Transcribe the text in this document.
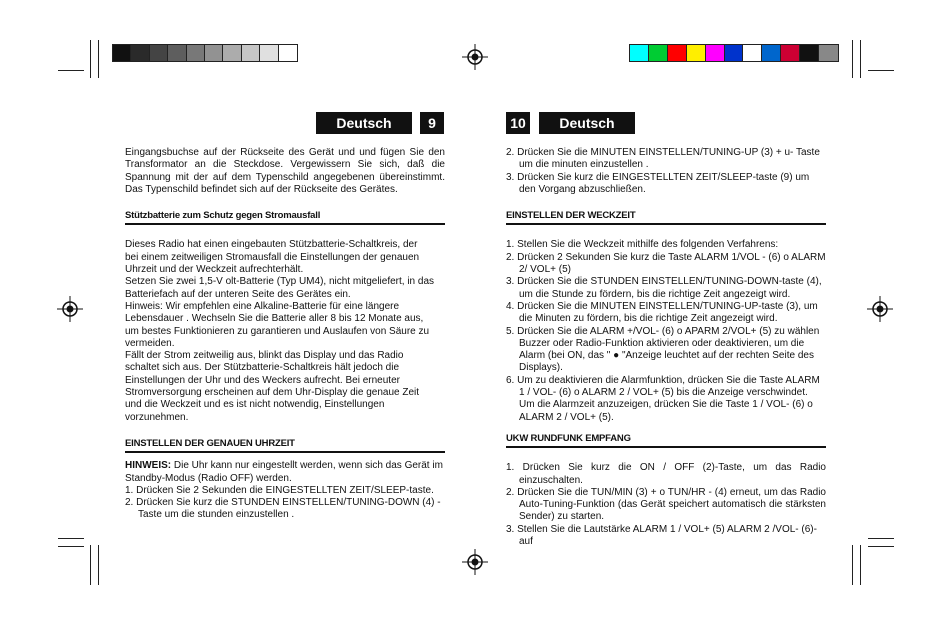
Deutsch	9	10	Deutsch

Eingangsbuchse auf der Rückseite des Gerät und und fügen Sie den Transformator an die Steckdose. Vergewissern Sie sich, daß die Spannung mit der auf dem Typenschild angegebenen übereinstimmt. Das Typenschild befindet sich auf der Rückseite des Gerätes.

Stützbatterie zum Schutz gegen Stromausfall
Dieses Radio hat einen eingebauten Stützbatterie-Schaltkreis, der
bei einem zeitweiligen Stromausfall die Einstellungen der genauen
Uhrzeit und der Weckzeit aufrechterhält.
Setzen Sie zwei 1,5-V olt-Batterie (Typ UM4), nicht mitgeliefert, in das
Batteriefach auf der unteren Seite des Gerätes ein.
Hinweis: Wir empfehlen eine Alkaline-Batterie für eine längere
Lebensdauer . Wechseln Sie die Batterie aller 8 bis 12 Monate aus,
um bestes Funktionieren zu garantieren und Auslaufen von Säure zu
vermeiden.
Fällt der Strom zeitweilig aus, blinkt das Display und das Radio
schaltet sich aus. Der Stützbatterie-Schaltkreis hält jedoch die
Einstellungen der Uhr und des Weckers aufrecht. Bei erneuter
Stromversorgung erscheinen auf dem Uhr-Display die genaue Zeit
und die Weckzeit und es ist nicht notwendig, Einstellungen
vorzunehmen.
EINSTELLEN DER GENAUEN UHRZEIT

HINWEIS: Die Uhr kann nur eingestellt werden, wenn sich das Gerät im Standby-Modus (Radio OFF) werden.

1. Drücken Sie 2 Sekunden die EINGESTELLTEN ZEIT/SLEEP-taste.

2. Drücken Sie kurz die STUNDEN EINSTELLEN/TUNING-DOWN (4) - Taste um die stunden einzustellen .

2. Drücken Sie die MINUTEN EINSTELLEN/TUNING-UP (3) + u- Taste um die minuten einzustellen .

3. Drücken Sie kurz die EINGESTELLTEN ZEIT/SLEEP-taste (9) um den Vorgang abzuschließen.

EINSTELLEN DER WECKZEIT

1. Stellen Sie die Weckzeit mithilfe des folgenden Verfahrens:

2. Drücken 2 Sekunden Sie kurz die Taste ALARM 1/VOL - (6) o ALARM 2/ VOL+ (5)

3. Drücken Sie die STUNDEN EINSTELLEN/TUNING-DOWN-taste (4), um die Stunde zu fördern, bis die richtige Zeit angezeigt wird.

4. Drücken Sie die MINUTEN EINSTELLEN/TUNING-UP-taste (3), um die Minuten zu fördern, bis die richtige Zeit angezeigt wird.

5. Drücken Sie die ALARM +/VOL- (6) o APARM 2/VOL+ (5) zu wählen Buzzer oder Radio-Funktion aktivieren oder deaktivieren, um die Alarm (bei ON, das " ● "Anzeige leuchtet auf der rechten Seite des Displays).

6. Um zu deaktivieren die Alarmfunktion, drücken Sie die Taste ALARM 1 / VOL- (6) o ALARM 2 / VOL+ (5) bis die Anzeige verschwindet. Um die Alarmzeit anzuzeigen, drücken Sie die Taste 1 / VOL- (6) o ALARM 2 / VOL+ (5).

UKW RUNDFUNK EMPFANG

1. Drücken Sie kurz die ON / OFF (2)-Taste, um das Radio einzuschalten.

2. Drücken Sie die TUN/MIN (3) + o TUN/HR - (4) erneut, um das Radio Auto-Tuning-Funktion (das Gerät speichert automatisch die stärksten Sender) zu starten.

3. Stellen Sie die Lautstärke ALARM 1 / VOL+ (5) ALARM 2 /VOL- (6)- auf
